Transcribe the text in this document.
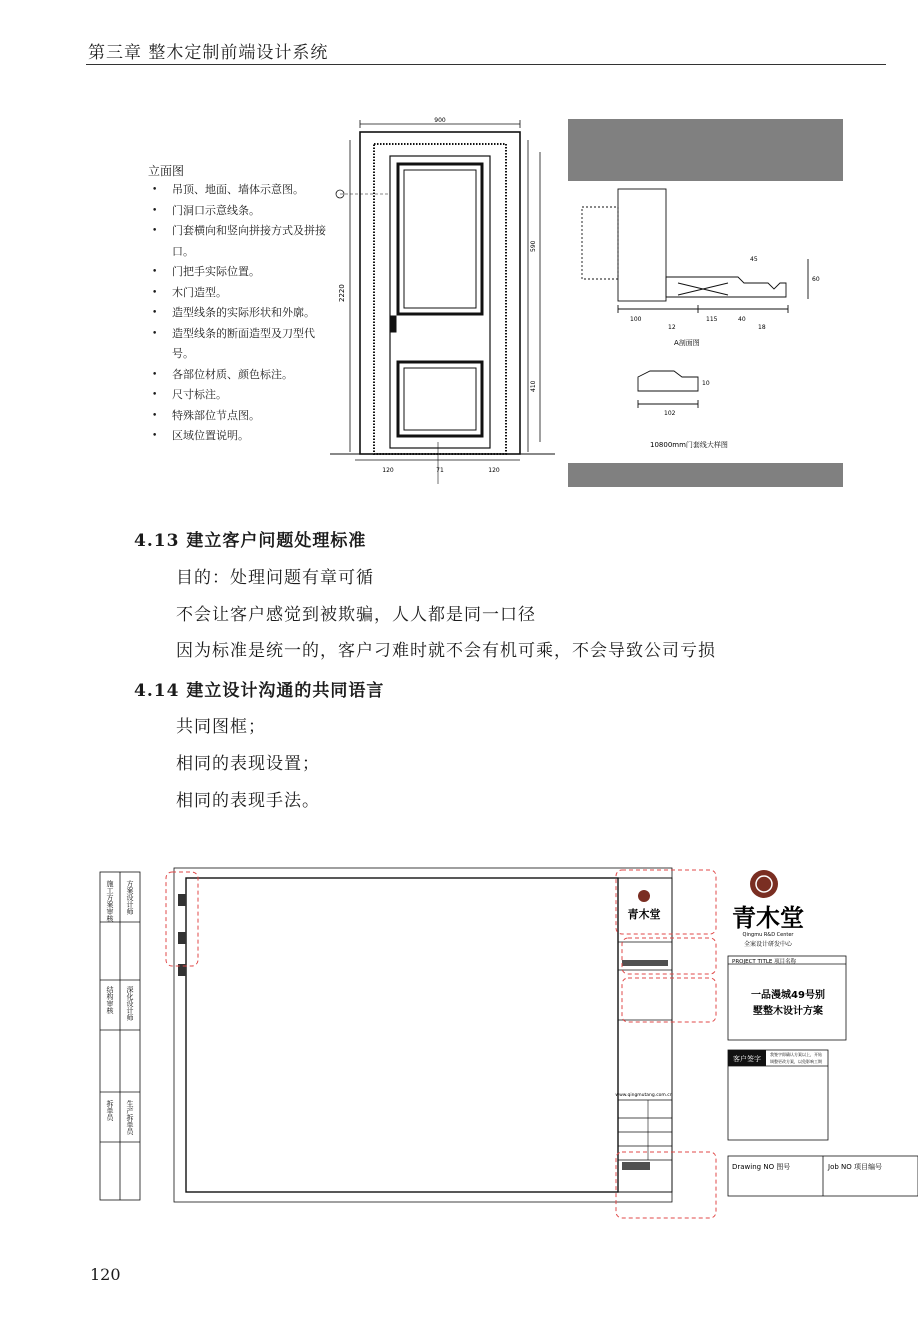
第三章 整木定制前端设计系统
立面图
• 吊顶、地面、墙体示意图。
• 门洞口示意线条。
• 门套横向和竖向拼接方式及拼接口。
• 门把手实际位置。
• 木门造型。
• 造型线条的实际形状和外廓。
• 造型线条的断面造型及刀型代号。
• 各部位材质、颜色标注。
• 尺寸标注。
• 特殊部位节点图。
• 区域位置说明。
900
2220
590
410
120	71	120
100
12
115	40
18
60
102
45
10
A剖面图
10800mm门套线大样图
4.13 建立客户问题处理标准
目的：处理问题有章可循
不会让客户感觉到被欺骗，人人都是同一口径
因为标准是统一的，客户刁难时就不会有机可乘，不会导致公司亏损
4.14 建立设计沟通的共同语言
共同图框；
相同的表现设置；
相同的表现手法。
施工方案审核 方案设计师
结构审核 深化设计师
拆单员 生产拆单员
青木堂
www.qingmutang.com.cn
青木堂
Qingmu R&D Center
全案设计研发中心
PROJECT TITLE 项目名称
一品漫城49号别
墅整木设计方案
客户签字
我签字即确认方案以上，开始
调整更改方案，以免影响工期
Drawing NO 图号	Job NO 项目编号
120
